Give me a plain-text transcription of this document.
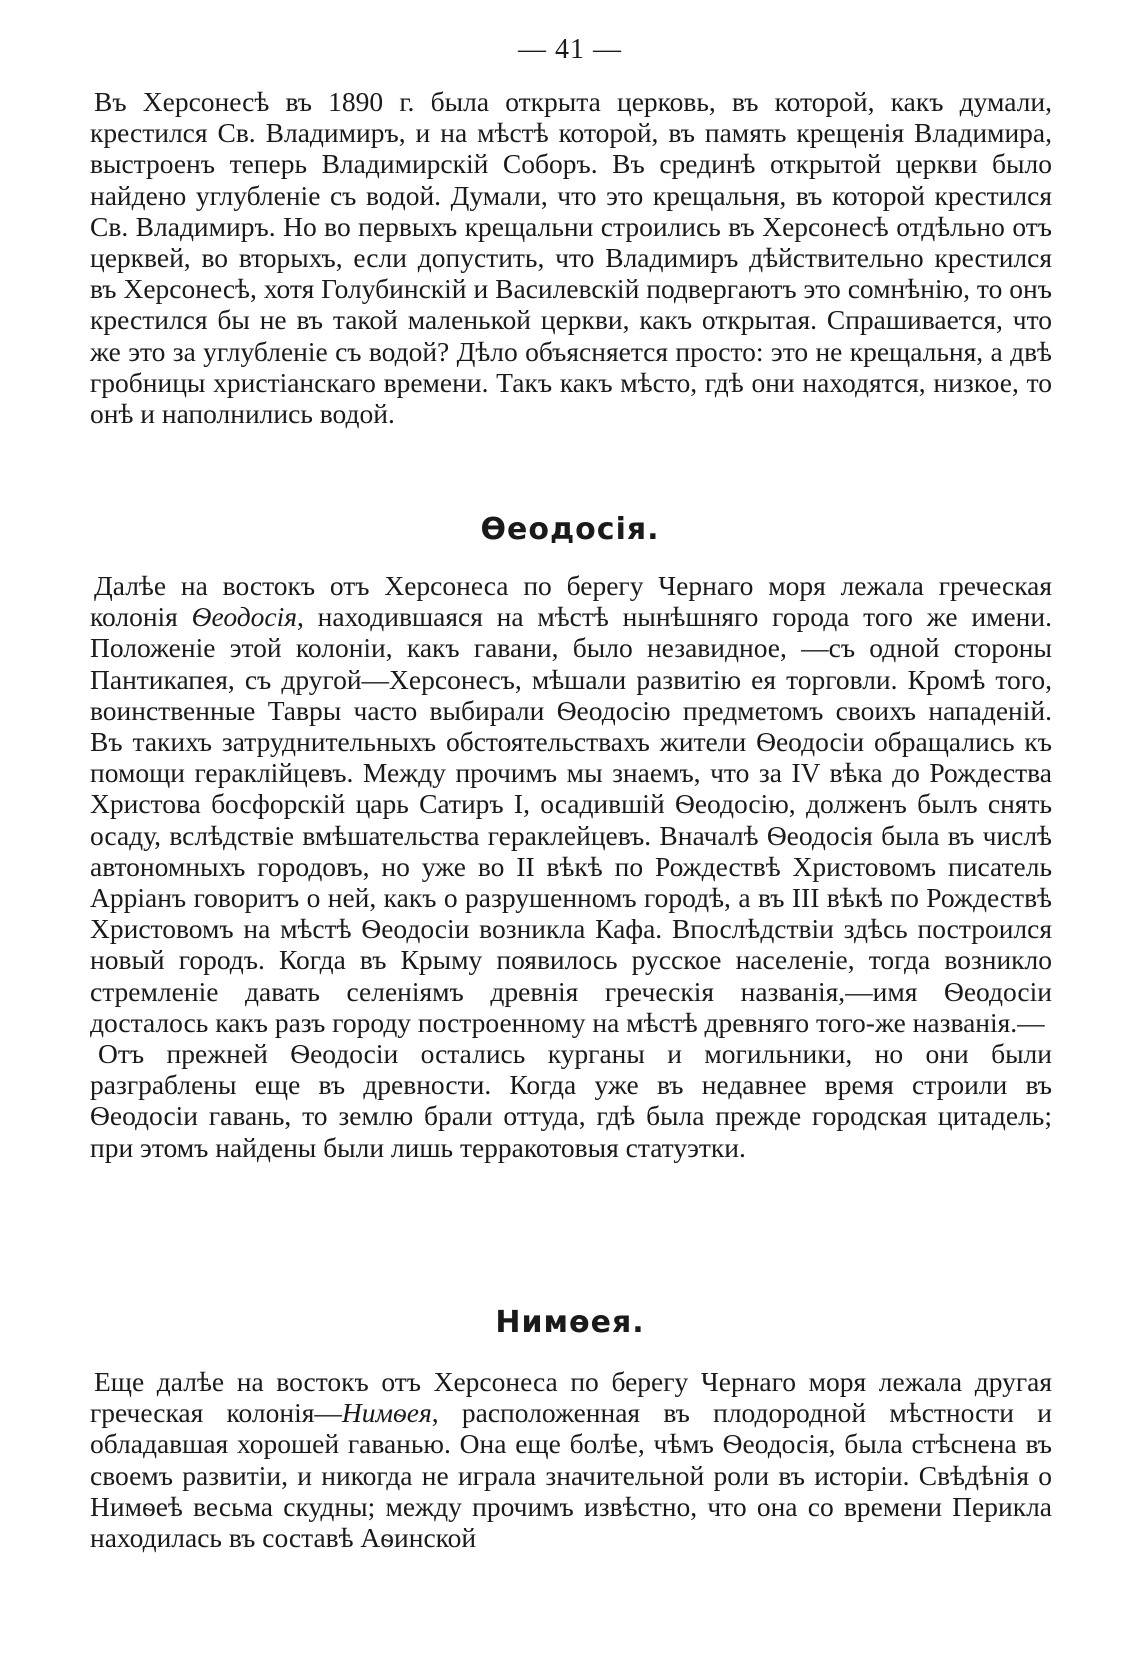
— 41 —

Въ Херсонесѣ въ 1890 г. была открыта церковь, въ которой, какъ думали, крестился Св. Владимиръ, и на мѣстѣ которой, въ память крещенія Владимира, выстроенъ теперь Владимирскій Соборъ. Въ срединѣ открытой церкви было найдено углубленіе съ водой. Думали, что это крещальня, въ которой крестился Св. Владимиръ. Но во первыхъ крещальни строились въ Херсонесѣ отдѣльно отъ церквей, во вторыхъ, если допустить, что Владимиръ дѣйствительно крестился въ Херсонесѣ, хотя Голубинскій и Василевскій подвергаютъ это сомнѣнію, то онъ крестился бы не въ такой маленькой церкви, какъ открытая. Спрашивается, что же это за углубленіе съ водой? Дѣло объясняется просто: это не крещальня, а двѣ гробницы христіанскаго времени. Такъ какъ мѣсто, гдѣ они находятся, низкое, то онѣ и наполнились водой.

Ѳеодосія.

Далѣе на востокъ отъ Херсонеса по берегу Чернаго моря лежала греческая колонія Ѳеодосія, находившаяся на мѣстѣ нынѣшняго города того же имени. Положеніе этой колоніи, какъ гавани, было незавидное, —съ одной стороны Пантикапея, съ другой—Херсонесъ, мѣшали развитію ея торговли. Кромѣ того, воинственные Тавры часто выбирали Ѳеодосію предметомъ своихъ нападеній. Въ такихъ затруднительныхъ обстоятельствахъ жители Ѳеодосіи обращались къ помощи гераклійцевъ. Между прочимъ мы знаемъ, что за IV вѣка до Рождества Христова босфорскій царь Сатиръ I, осадившій Ѳеодосію, долженъ былъ снять осаду, вслѣдствіе вмѣшательства гераклейцевъ. Вначалѣ Ѳеодосія была въ числѣ автономныхъ городовъ, но уже во II вѣкѣ по Рождествѣ Христовомъ писатель Арріанъ говоритъ о ней, какъ о разрушенномъ городѣ, а въ III вѣкѣ по Рождествѣ Христовомъ на мѣстѣ Ѳеодосіи возникла Кафа. Впослѣдствіи здѣсь построился новый городъ. Когда въ Крыму появилось русское населеніе, тогда возникло стремленіе давать селеніямъ древнія греческія названія,—имя Ѳеодосіи досталось какъ разъ городу построенному на мѣстѣ древняго того-же названія.—

Отъ прежней Ѳеодосіи остались курганы и могильники, но они были разграблены еще въ древности. Когда уже въ недавнее время строили въ Ѳеодосіи гавань, то землю брали оттуда, гдѣ была прежде городская цитадель; при этомъ найдены были лишь терракотовыя статуэтки.

Нимѳея.

Еще далѣе на востокъ отъ Херсонеса по берегу Чернаго моря лежала другая греческая колонія—Нимѳея, расположенная въ плодородной мѣстности и обладавшая хорошей гаванью. Она еще болѣе, чѣмъ Ѳеодосія, была стѣснена въ своемъ развитіи, и никогда не играла значительной роли въ исторіи. Свѣдѣнія о Нимѳеѣ весьма скудны; между прочимъ извѣстно, что она со времени Перикла находилась въ составѣ Аѳинской
